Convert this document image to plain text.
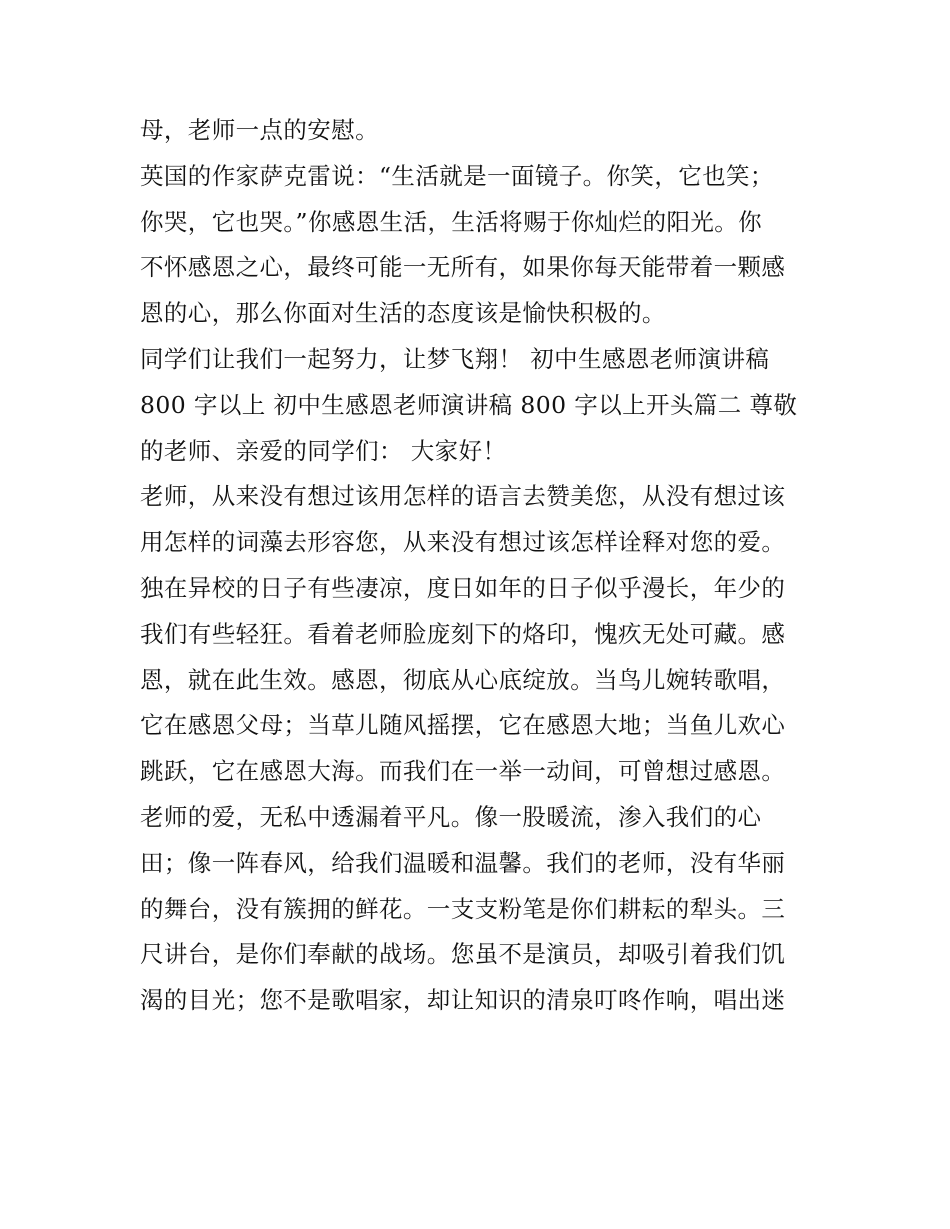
母，老师一点的安慰。
英国的作家萨克雷说：“生活就是一面镜子。你笑，它也笑；
你哭，它也哭。”你感恩生活，生活将赐于你灿烂的阳光。你
不怀感恩之心，最终可能一无所有，如果你每天能带着一颗感
恩的心，那么你面对生活的态度该是愉快积极的。
同学们让我们一起努力，让梦飞翔！ 初中生感恩老师演讲稿
800 字以上 初中生感恩老师演讲稿 800 字以上开头篇二 尊敬
的老师、亲爱的同学们： 大家好！
老师，从来没有想过该用怎样的语言去赞美您，从没有想过该
用怎样的词藻去形容您，从来没有想过该怎样诠释对您的爱。
独在异校的日子有些凄凉，度日如年的日子似乎漫长，年少的
我们有些轻狂。看着老师脸庞刻下的烙印，愧疚无处可藏。感
恩，就在此生效。感恩，彻底从心底绽放。当鸟儿婉转歌唱，
它在感恩父母；当草儿随风摇摆，它在感恩大地；当鱼儿欢心
跳跃，它在感恩大海。而我们在一举一动间，可曾想过感恩。
老师的爱，无私中透漏着平凡。像一股暖流，渗入我们的心
田；像一阵春风，给我们温暖和温馨。我们的老师，没有华丽
的舞台，没有簇拥的鲜花。一支支粉笔是你们耕耘的犁头。三
尺讲台，是你们奉献的战场。您虽不是演员，却吸引着我们饥
渴的目光；您不是歌唱家，却让知识的清泉叮咚作响，唱出迷
